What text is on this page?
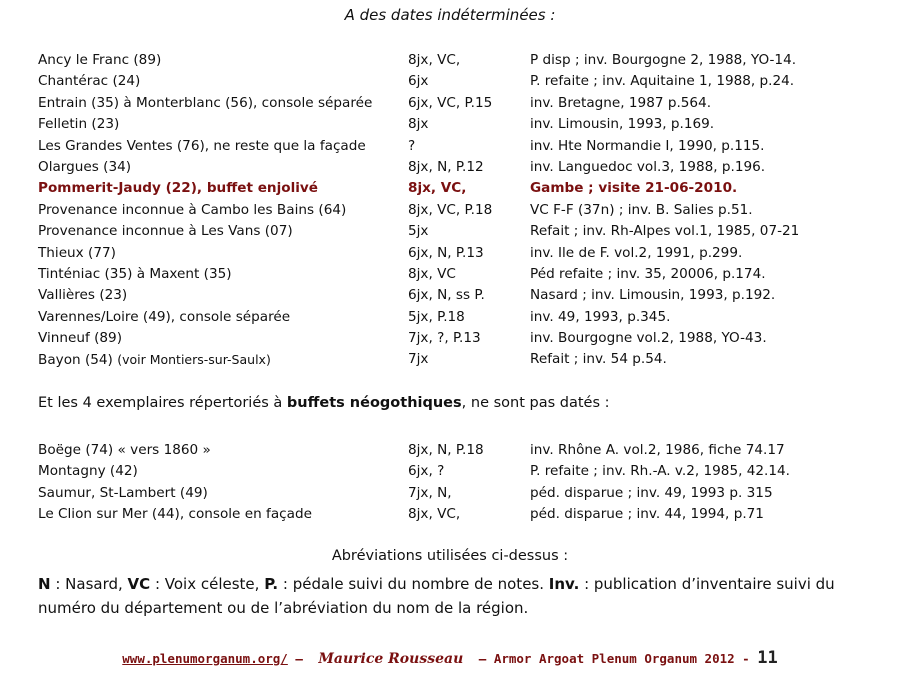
A des dates indéterminées :
Ancy le Franc (89)	8jx, VC,	P disp ; inv. Bourgogne 2, 1988, YO-14.
Chantérac (24)	6jx	P. refaite ; inv. Aquitaine 1, 1988, p.24.
Entrain (35) à Monterblanc (56), console séparée	6jx, VC, P.15	inv. Bretagne, 1987 p.564.
Felletin (23)	8jx	inv. Limousin, 1993, p.169.
Les Grandes Ventes (76), ne reste que la façade	?	inv. Hte Normandie I, 1990, p.115.
Olargues (34)	8jx, N, P.12	inv. Languedoc vol.3, 1988, p.196.
Pommerit-Jaudy (22), buffet enjolivé	8jx, VC,	Gambe ; visite 21-06-2010.
Provenance inconnue à Cambo les Bains (64)	8jx, VC, P.18	VC F-F (37n) ; inv. B. Salies p.51.
Provenance inconnue à Les Vans (07)	5jx	Refait ; inv. Rh-Alpes vol.1, 1985, 07-21
Thieux (77)	6jx, N, P.13	inv. Ile de F. vol.2, 1991, p.299.
Tinténiac (35) à Maxent (35)	8jx, VC	Péd refaite ; inv. 35, 20006, p.174.
Vallières (23)	6jx, N, ss P.	Nasard ; inv. Limousin, 1993, p.192.
Varennes/Loire (49), console séparée	5jx, P.18	inv. 49, 1993, p.345.
Vinneuf (89)	7jx, ?, P.13	inv. Bourgogne vol.2, 1988, YO-43.
Bayon (54) (voir Montiers-sur-Saulx)	7jx	Refait ; inv. 54 p.54.
Et les 4 exemplaires répertoriés à buffets néogothiques, ne sont pas datés :
Boëge (74) « vers 1860 »	8jx, N, P.18	inv. Rhône A. vol.2, 1986, fiche 74.17
Montagny (42)	6jx, ?	P. refaite ; inv. Rh.-A. v.2, 1985, 42.14.
Saumur, St-Lambert (49)	7jx, N,	péd. disparue ; inv. 49, 1993 p. 315
Le Clion sur Mer (44), console en façade	8jx, VC,	péd. disparue ; inv. 44, 1994, p.71
Abréviations utilisées ci-dessus :
N : Nasard, VC : Voix céleste, P. : pédale suivi du nombre de notes. Inv. : publication d’inventaire suivi du numéro du département ou de l’abréviation du nom de la région.
www.plenumorganum.org/ – Maurice Rousseau – Armor Argoat Plenum Organum 2012 - 11
